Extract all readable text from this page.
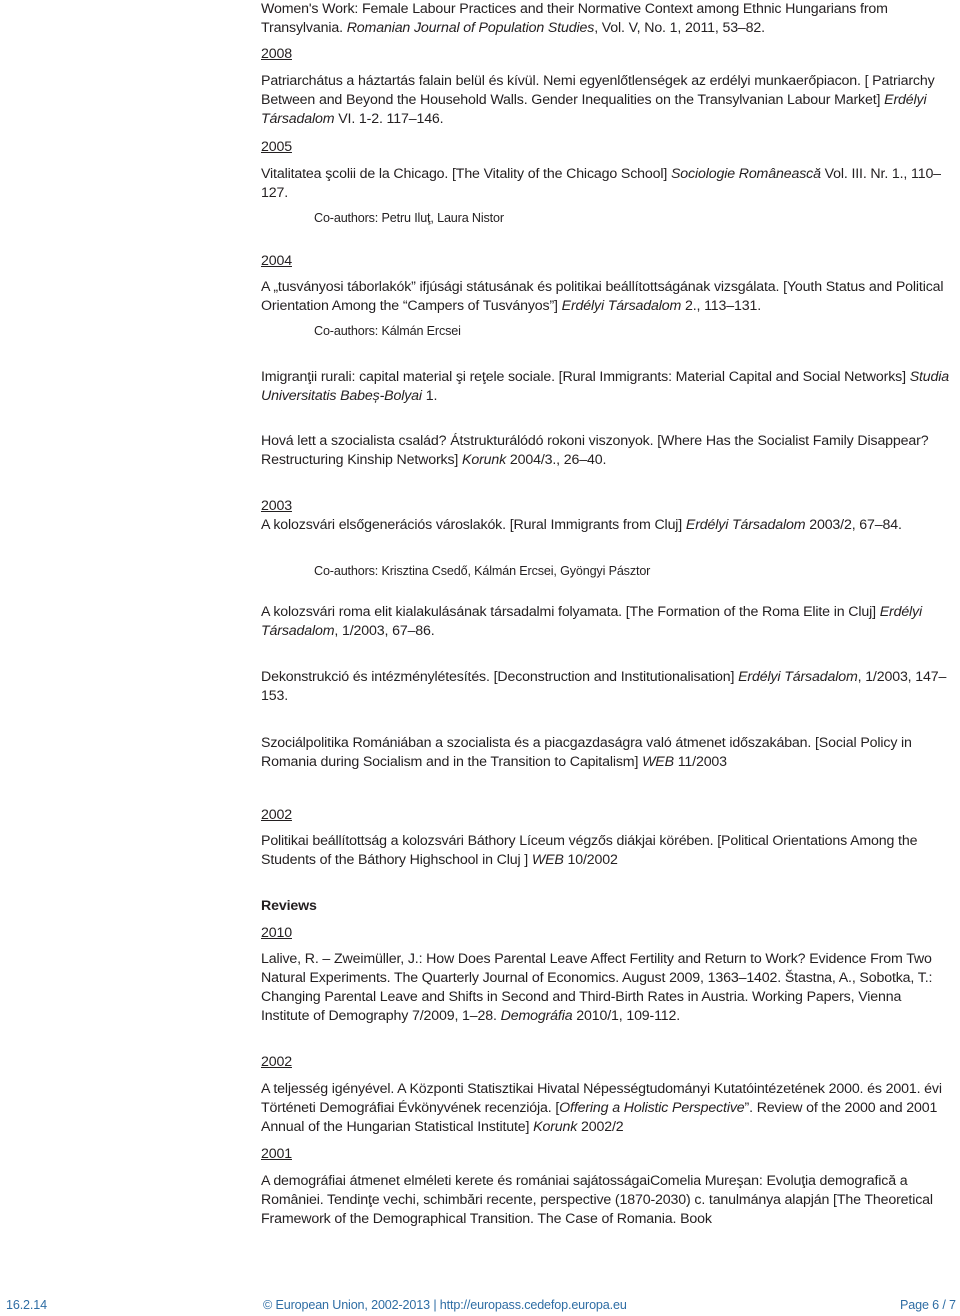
Women's Work: Female Labour Practices and their Normative Context among Ethnic Hungarians from Transylvania. Romanian Journal of Population Studies, Vol. V, No. 1, 2011, 53–82.
2008
Patriarchátus a háztartás falain belül és kívül. Nemi egyenlőtlenségek az erdélyi munkaerőpiacon. [ Patriarchy Between and Beyond the Household Walls. Gender Inequalities on the Transylvanian Labour Market] Erdélyi Társadalom VI. 1-2. 117–146.
2005
Vitalitatea şcolii de la Chicago. [The Vitality of the Chicago School] Sociologie Românească Vol. III. Nr. 1., 110–127.
Co-authors: Petru Iluţ, Laura Nistor
2004
A „tusványosi táborlakók” ifjúsági státusának és politikai beállítottságának vizsgálata. [Youth Status and Political Orientation Among the “Campers of Tusványos”] Erdélyi Társadalom 2., 113–131.
Co-authors: Kálmán Ercsei
Imigranţii rurali: capital material şi reţele sociale. [Rural Immigrants: Material Capital and Social Networks] Studia Universitatis Babeș-Bolyai 1.
Hová lett a szocialista család? Átstrukturálódó rokoni viszonyok. [Where Has the Socialist Family Disappear? Restructuring Kinship Networks] Korunk 2004/3., 26–40.
2003
A kolozsvári elsőgenerációs városlakók. [Rural Immigrants from Cluj] Erdélyi Társadalom 2003/2, 67–84.
Co-authors: Krisztina Csedő, Kálmán Ercsei, Gyöngyi Pásztor
A kolozsvári roma elit kialakulásának társadalmi folyamata. [The Formation of the Roma Elite in Cluj] Erdélyi Társadalom, 1/2003, 67–86.
Dekonstrukció és intézménylétesítés. [Deconstruction and Institutionalisation] Erdélyi Társadalom, 1/2003, 147–153.
Szociálpolitika Romániában a szocialista és a piacgazdaságra való átmenet időszakában. [Social Policy in Romania during Socialism and in the Transition to Capitalism] WEB 11/2003
2002
Politikai beállítottság a kolozsvári Báthory Líceum végzős diákjai körében. [Political Orientations Among the Students of the Báthory Highschool in Cluj ] WEB 10/2002
Reviews
2010
Lalive, R. – Zweimüller, J.: How Does Parental Leave Affect Fertility and Return to Work? Evidence From Two Natural Experiments. The Quarterly Journal of Economics. August 2009, 1363–1402. Štastna, A., Sobotka, T.: Changing Parental Leave and Shifts in Second and Third-Birth Rates in Austria. Working Papers, Vienna Institute of Demography 7/2009, 1–28. Demográfia 2010/1, 109-112.
2002
A teljesség igényével. A Központi Statisztikai Hivatal Népességtudományi Kutatóintézetének 2000. és 2001. évi Történeti Demográfiai Évkönyvének recenziója. [Offering a Holistic Perspective”. Review of the 2000 and 2001 Annual of the Hungarian Statistical Institute] Korunk 2002/2
2001
A demográfiai átmenet elméleti kerete és romániai sajátosságaiComelia Mureşan: Evoluţia demografică a României. Tendinţe vechi, schimbări recente, perspective (1870-2030) c. tanulmánya alapján [The Theoretical Framework of the Demographical Transition. The Case of Romania. Book
16.2.14	© European Union, 2002-2013 | http://europass.cedefop.europa.eu	Page 6 / 7
